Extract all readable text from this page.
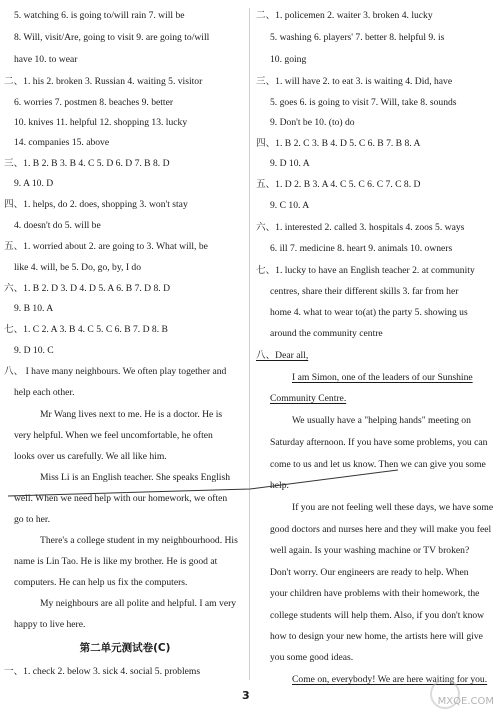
5. watching 6. is going to/will rain 7. will be
8. Will, visit/Are, going to visit 9. are going to/will
have 10. to wear
二、1. his 2. broken 3. Russian 4. waiting 5. visitor
6. worries 7. postmen 8. beaches 9. better
10. knives 11. helpful 12. shopping 13. lucky
14. companies 15. above
三、1. B 2. B 3. B 4. C 5. D 6. D 7. B 8. D
9. A 10. D
四、1. helps, do 2. does, shopping 3. won't stay
4. doesn't do 5. will be
五、1. worried about 2. are going to 3. What will, be
like 4. will, be 5. Do, go, by, I do
六、1. B 2. D 3. D 4. D 5. A 6. B 7. D 8. D
9. B 10. A
七、1. C 2. A 3. B 4. C 5. C 6. B 7. D 8. B
9. D 10. C
八、 I have many neighbours. We often play together and
help each other.
Mr Wang lives next to me. He is a doctor. He is
very helpful. When we feel uncomfortable, he often
looks over us carefully. We all like him.
Miss Li is an English teacher. She speaks English
well. When we need help with our homework, we often
go to her.
There's a college student in my neighbourhood. His
name is Lin Tao. He is like my brother. He is good at
computers. He can help us fix the computers.
My neighbours are all polite and helpful. I am very
happy to live here.
第二单元测试卷(C)
一、1. check 2. below 3. sick 4. social 5. problems
二、1. policemen 2. waiter 3. broken 4. lucky
5. washing 6. players' 7. better 8. helpful 9. is
10. going
三、1. will have 2. to eat 3. is waiting 4. Did, have
5. goes 6. is going to visit 7. Will, take 8. sounds
9. Don't be 10. (to) do
四、1. B 2. C 3. B 4. D 5. C 6. B 7. B 8. A
9. D 10. A
五、1. D 2. B 3. A 4. C 5. C 6. C 7. C 8. D
9. C 10. A
六、1. interested 2. called 3. hospitals 4. zoos 5. ways
6. ill 7. medicine 8. heart 9. animals 10. owners
七、1. lucky to have an English teacher 2. at community
centres, share their different skills 3. far from her
home 4. what to wear to(at) the party 5. showing us
around the community centre
八、Dear all,
I am Simon, one of the leaders of our Sunshine
Community Centre.
We usually have a "helping hands" meeting on
Saturday afternoon. If you have some problems, you can
come to us and let us know. Then we can give you some
help.
If you are not feeling well these days, we have some
good doctors and nurses here and they will make you feel
well again. Is your washing machine or TV broken?
Don't worry. Our engineers are ready to help. When
your children have problems with their homework, the
college students will help them. Also, if you don't know
how to design your new home, the artists here will give
you some good ideas.
Come on, everybody! We are here waiting for you.
3	MXQE.COM
